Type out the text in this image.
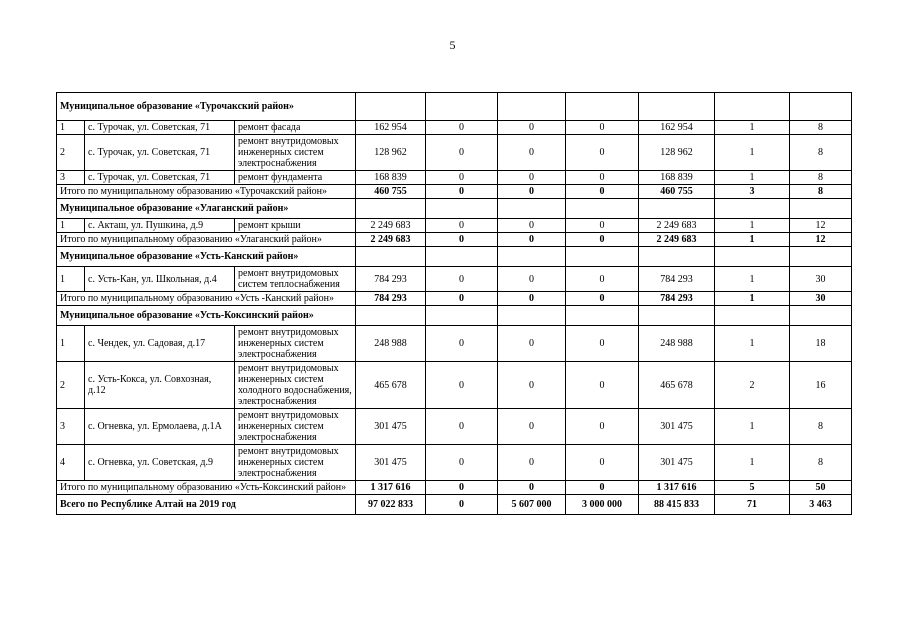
5
Муниципальное образование «Турочакский район»									
1	с. Турочак, ул. Советская, 71	ремонт фасада	162 954	0	0	0	162 954	1	8
2	с. Турочак, ул. Советская, 71	ремонт внутридомовых инженерных систем электроснабжения	128 962	0	0	0	128 962	1	8
3	с. Турочак, ул. Советская, 71	ремонт фундамента	168 839	0	0	0	168 839	1	8
Итого по муниципальному образованию «Турочакский район»			460 755	0	0	0	460 755	3	8
Муниципальное образование «Улаганский район»									
1	с. Акташ, ул. Пушкина, д.9	ремонт крыши	2 249 683	0	0	0	2 249 683	1	12
Итого по муниципальному образованию «Улаганский район»			2 249 683	0	0	0	2 249 683	1	12
Муниципальное образование «Усть-Канский район»									
1	с. Усть-Кан, ул. Школьная, д.4	ремонт внутридомовых систем теплоснабжения	784 293	0	0	0	784 293	1	30
Итого по муниципальному образованию «Усть -Канский район»			784 293	0	0	0	784 293	1	30
Муниципальное образование «Усть-Коксинский район»									
1	с. Чендек, ул. Садовая, д.17	ремонт внутридомовых инженерных систем электроснабжения	248 988	0	0	0	248 988	1	18
2	с. Усть-Кокса, ул. Совхозная, д.12	ремонт внутридомовых инженерных систем холодного водоснабжения, электроснабжения	465 678	0	0	0	465 678	2	16
3	с. Огневка, ул. Ермолаева, д.1А	ремонт внутридомовых инженерных систем электроснабжения	301 475	0	0	0	301 475	1	8
4	с. Огневка, ул. Советская, д.9	ремонт внутридомовых инженерных систем электроснабжения	301 475	0	0	0	301 475	1	8
Итого по муниципальному образованию «Усть-Коксинский район»			1 317 616	0	0	0	1 317 616	5	50
Всего по Республике Алтай на 2019 год			97 022 833	0	5 607 000	3 000 000	88 415 833	71	3 463
